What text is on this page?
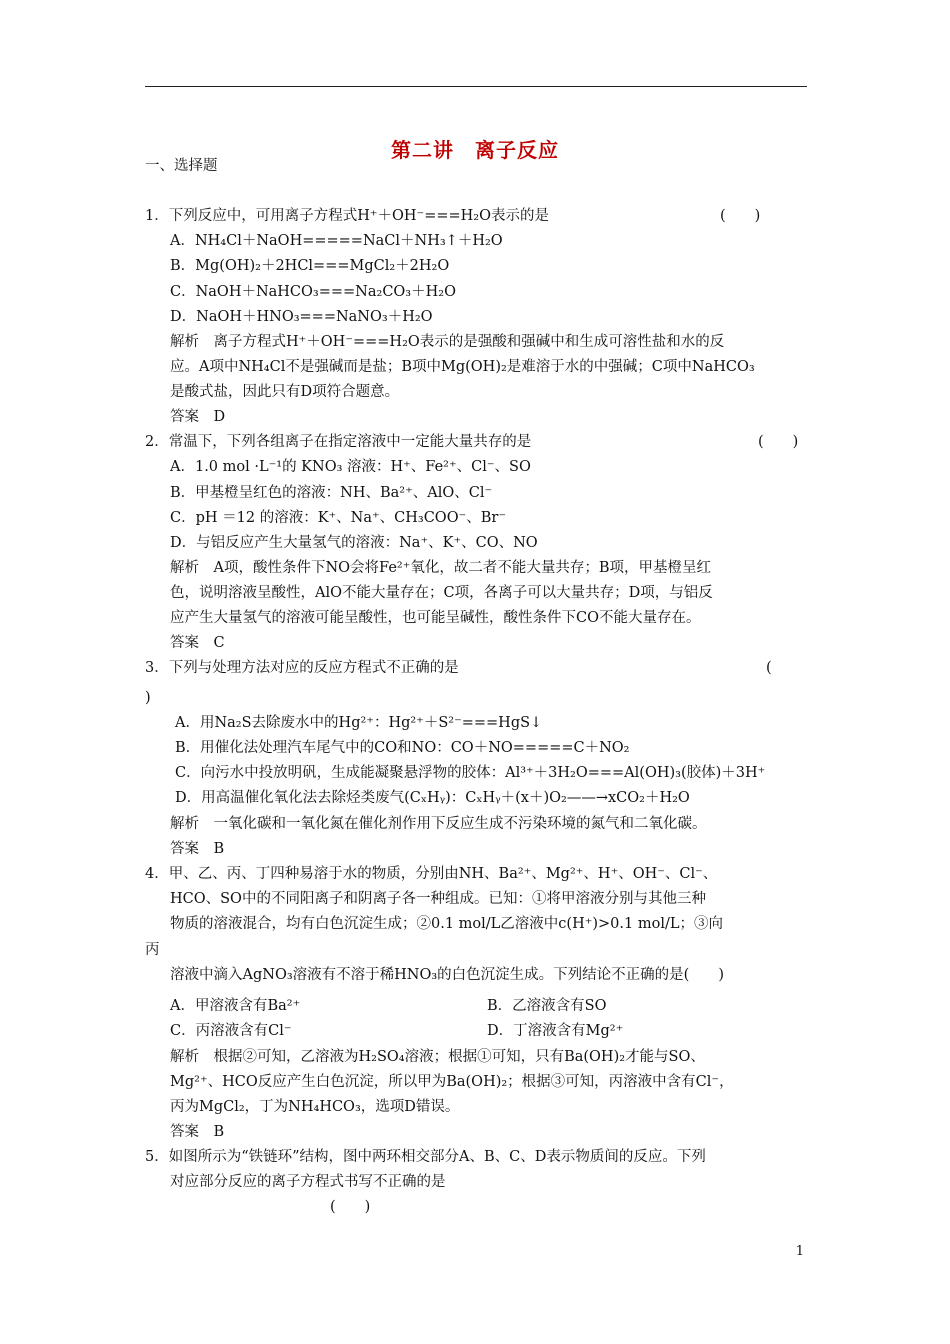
第二讲　离子反应
一、选择题
1．下列反应中，可用离子方程式H⁺＋OH⁻===H₂O表示的是
A．NH₄Cl＋NaOH=====NaCl＋NH₃↑＋H₂O
B．Mg(OH)₂＋2HCl===MgCl₂＋2H₂O
C．NaOH＋NaHCO₃===Na₂CO₃＋H₂O
D．NaOH＋HNO₃===NaNO₃＋H₂O
解析　离子方程式H⁺＋OH⁻===H₂O表示的是强酸和强碱中和生成可溶性盐和水的反
应。A项中NH₄Cl不是强碱而是盐；B项中Mg(OH)₂是难溶于水的中强碱；C项中NaHCO₃
是酸式盐，因此只有D项符合题意。
答案　D
2．常温下，下列各组离子在指定溶液中一定能大量共存的是
A．1.0 mol ·L⁻¹的 KNO₃ 溶液：H⁺、Fe²⁺、Cl⁻、SO
B．甲基橙呈红色的溶液：NH、Ba²⁺、AlO、Cl⁻
C．pH ＝12 的溶液：K⁺、Na⁺、CH₃COO⁻、Br⁻
D．与铝反应产生大量氢气的溶液：Na⁺、K⁺、CO、NO
解析　A项，酸性条件下NO会将Fe²⁺氧化，故二者不能大量共存；B项，甲基橙呈红
色，说明溶液呈酸性，AlO不能大量存在；C项，各离子可以大量共存；D项，与铝反
应产生大量氢气的溶液可能呈酸性，也可能呈碱性，酸性条件下CO不能大量存在。
答案　C
3．下列与处理方法对应的反应方程式不正确的是
)
A．用Na₂S去除废水中的Hg²⁺：Hg²⁺＋S²⁻===HgS↓
B．用催化法处理汽车尾气中的CO和NO：CO＋NO=====C＋NO₂
C．向污水中投放明矾，生成能凝聚悬浮物的胶体：Al³⁺＋3H₂O===Al(OH)₃(胶体)＋3H⁺
D．用高温催化氧化法去除烃类废气(CₓHᵧ)：CₓHᵧ＋(x＋)O₂——→xCO₂＋H₂O
解析　一氧化碳和一氧化氮在催化剂作用下反应生成不污染环境的氮气和二氧化碳。
答案　B
4．甲、乙、丙、丁四种易溶于水的物质，分别由NH、Ba²⁺、Mg²⁺、H⁺、OH⁻、Cl⁻、
HCO、SO中的不同阳离子和阴离子各一种组成。已知：①将甲溶液分别与其他三种
物质的溶液混合，均有白色沉淀生成；②0.1 mol/L乙溶液中c(H⁺)>0.1 mol/L；③向
丙
溶液中滴入AgNO₃溶液有不溶于稀HNO₃的白色沉淀生成。下列结论不正确的是(　　)
A．甲溶液含有Ba²⁺	B．乙溶液含有SO
C．丙溶液含有Cl⁻	D．丁溶液含有Mg²⁺
解析　根据②可知，乙溶液为H₂SO₄溶液；根据①可知，只有Ba(OH)₂才能与SO、
Mg²⁺、HCO反应产生白色沉淀，所以甲为Ba(OH)₂；根据③可知，丙溶液中含有Cl⁻，
丙为MgCl₂，丁为NH₄HCO₃，选项D错误。
答案　B
5．如图所示为“铁链环”结构，图中两环相交部分A、B、C、D表示物质间的反应。下列
对应部分反应的离子方程式书写不正确的是
(　　)
(　　)
(
(　　)
1
